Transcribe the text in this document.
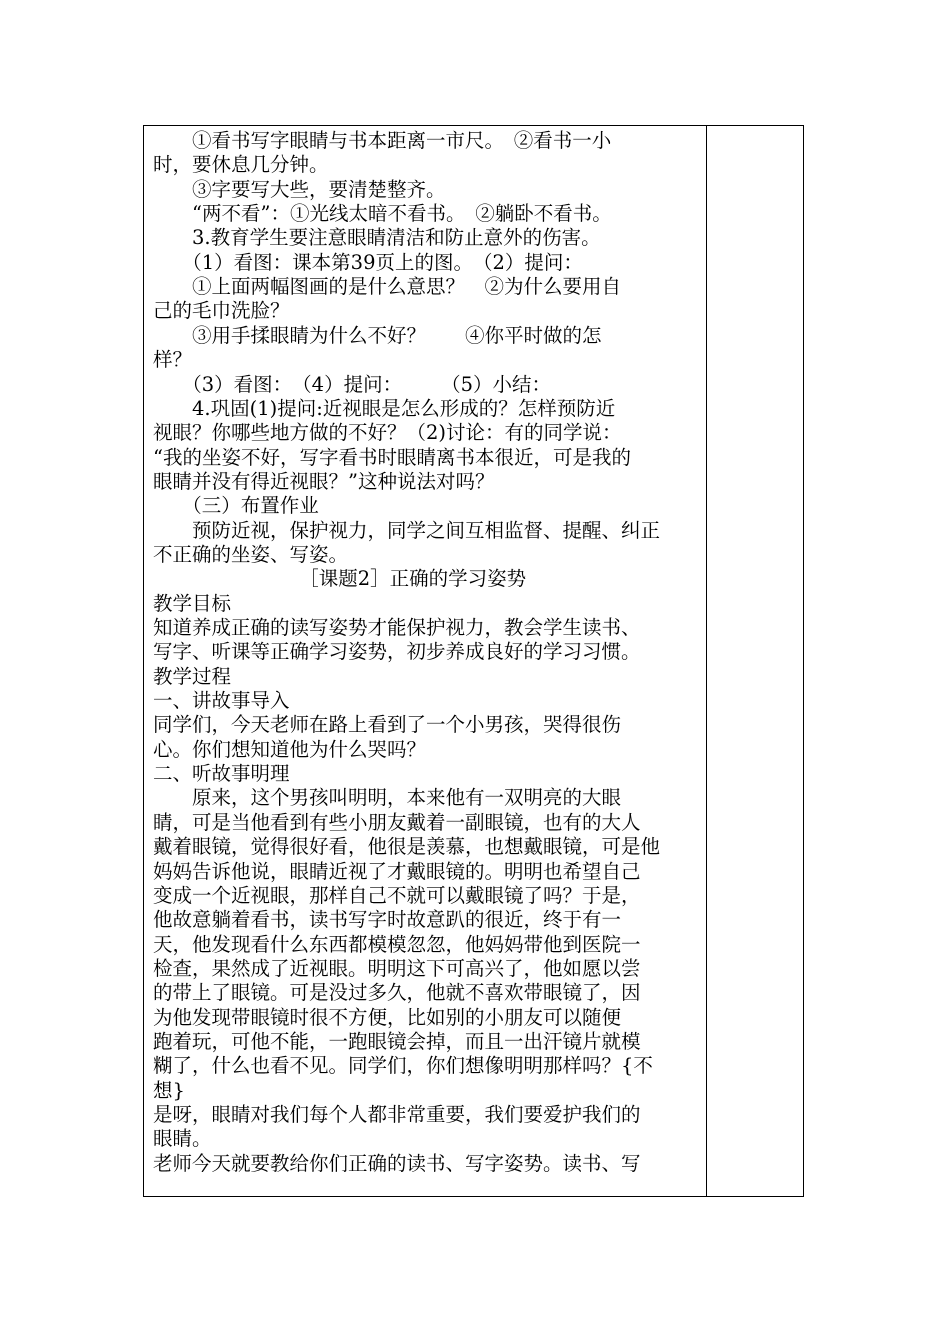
　　①看书写字眼睛与书本距离一市尺。　②看书一小
时，要休息几分钟。
　　③字要写大些，要清楚整齐。
　　“两不看”：①光线太暗不看书。　②躺卧不看书。
　　3.教育学生要注意眼睛清洁和防止意外的伤害。
　　（1）看图：课本第39页上的图。　（2）提问：
　　①上面两幅图画的是什么意思？　②为什么要用自
己的毛巾洗脸？
　　③用手揉眼睛为什么不好？　　④你平时做的怎
样？
　　（3）看图：　（4）提问：　　　（5）小结：
　　4.巩固(1)提问:近视眼是怎么形成的？怎样预防近
视眼？你哪些地方做的不好？（2)讨论：有的同学说：
“我的坐姿不好，写字看书时眼睛离书本很近，可是我的
眼睛并没有得近视眼？”这种说法对吗？
　　（三）布置作业
　　预防近视，保护视力，同学之间互相监督、提醒、纠正
不正确的坐姿、写姿。
　　　　　　　　［课题2］正确的学习姿势
教学目标
知道养成正确的读写姿势才能保护视力，教会学生读书、
写字、听课等正确学习姿势，初步养成良好的学习习惯。
教学过程
一、讲故事导入
同学们，今天老师在路上看到了一个小男孩，哭得很伤
心。你们想知道他为什么哭吗？
二、听故事明理
　　原来，这个男孩叫明明，本来他有一双明亮的大眼
睛，可是当他看到有些小朋友戴着一副眼镜，也有的大人
戴着眼镜，觉得很好看，他很是羡慕，也想戴眼镜，可是他
妈妈告诉他说，眼睛近视了才戴眼镜的。明明也希望自己
变成一个近视眼，那样自己不就可以戴眼镜了吗？于是，
他故意躺着看书，读书写字时故意趴的很近，终于有一
天，他发现看什么东西都模模忽忽，他妈妈带他到医院一
检查，果然成了近视眼。明明这下可高兴了，他如愿以尝
的带上了眼镜。可是没过多久，他就不喜欢带眼镜了，因
为他发现带眼镜时很不方便，比如别的小朋友可以随便
跑着玩，可他不能，一跑眼镜会掉，而且一出汗镜片就模
糊了，什么也看不见。同学们，你们想像明明那样吗？{不
想}
是呀，眼睛对我们每个人都非常重要，我们要爱护我们的
眼睛。
老师今天就要教给你们正确的读书、写字姿势。读书、写
